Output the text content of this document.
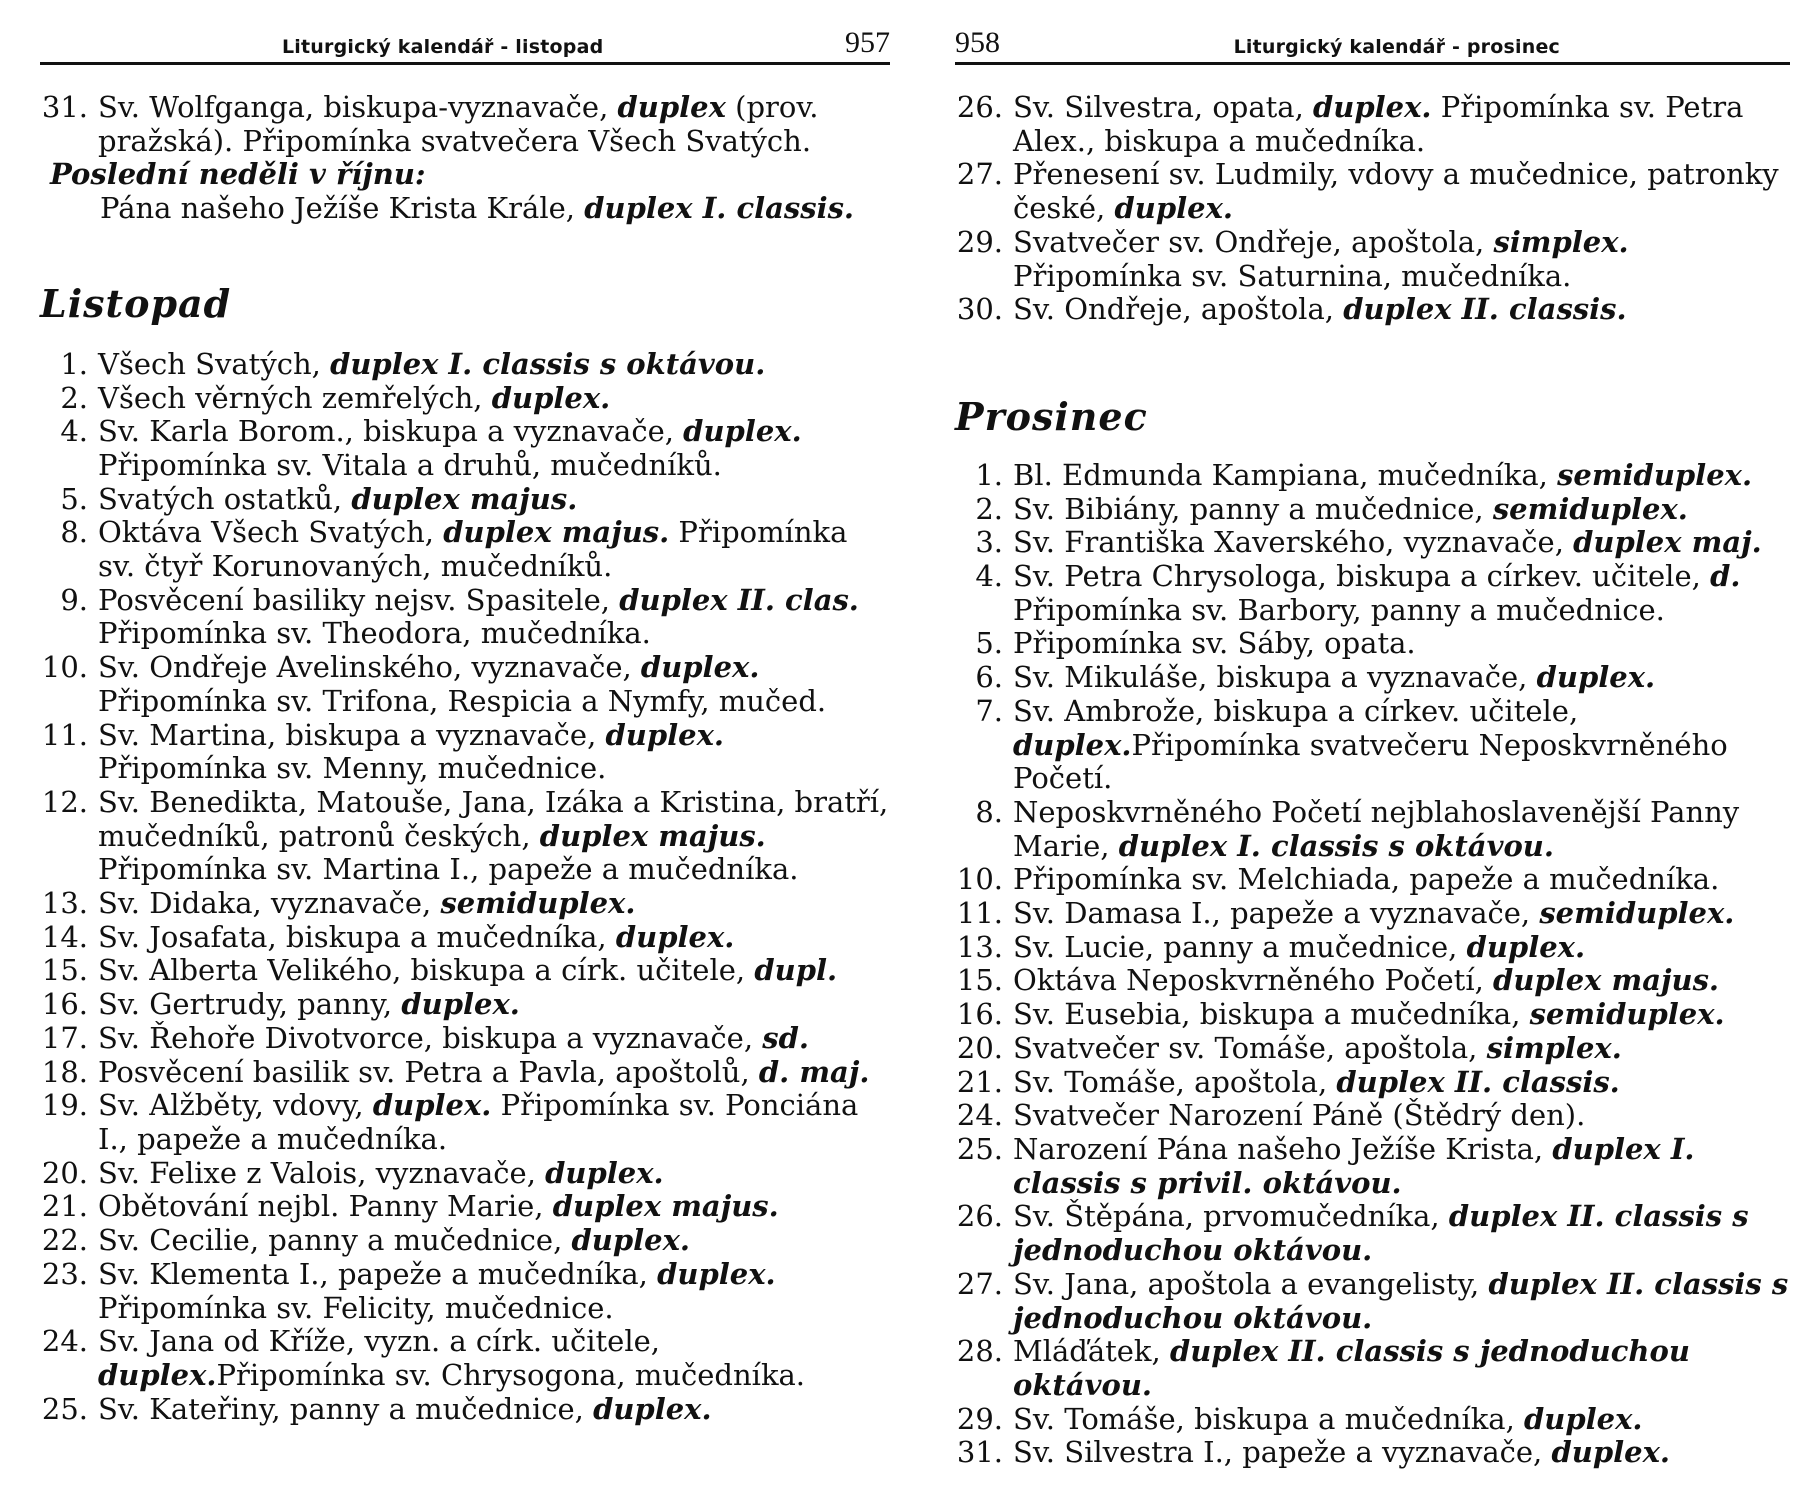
Liturgický kalendář - listopad	957
31. Sv. Wolfganga, biskupa-vyznavače, duplex (prov. pražská). Připomínka svatvečera Všech Svatých.
Poslední neděli v říjnu:
Pána našeho Ježíše Krista Krále, duplex I. classis.
Listopad
1. Všech Svatých, duplex I. classis s oktávou.
2. Všech věrných zemřelých, duplex.
4. Sv. Karla Borom., biskupa a vyznavače, duplex. Připomínka sv. Vitala a druhů, mučedníků.
5. Svatých ostatků, duplex majus.
8. Oktáva Všech Svatých, duplex majus. Připomínka sv. čtyř Korunovaných, mučedníků.
9. Posvěcení basiliky nejsv. Spasitele, duplex II. clas. Připomínka sv. Theodora, mučedníka.
10. Sv. Ondřeje Avelinského, vyznavače, duplex. Připomínka sv. Trifona, Respicia a Nymfy, mučed.
11. Sv. Martina, biskupa a vyznavače, duplex. Připomínka sv. Menny, mučednice.
12. Sv. Benedikta, Matouše, Jana, Izáka a Kristina, bratří, mučedníků, patronů českých, duplex majus. Připomínka sv. Martina I., papeže a mučedníka.
13. Sv. Didaka, vyznavače, semiduplex.
14. Sv. Josafata, biskupa a mučedníka, duplex.
15. Sv. Alberta Velikého, biskupa a círk. učitele, dupl.
16. Sv. Gertrudy, panny, duplex.
17. Sv. Řehoře Divotvorce, biskupa a vyznavače, sd.
18. Posvěcení basilik sv. Petra a Pavla, apoštolů, d. maj.
19. Sv. Alžběty, vdovy, duplex. Připomínka sv. Ponciána I., papeže a mučedníka.
20. Sv. Felixe z Valois, vyznavače, duplex.
21. Obětování nejbl. Panny Marie, duplex majus.
22. Sv. Cecilie, panny a mučednice, duplex.
23. Sv. Klementa I., papeže a mučedníka, duplex. Připomínka sv. Felicity, mučednice.
24. Sv. Jana od Kříže, vyzn. a círk. učitele, duplex.Připomínka sv. Chrysogona, mučedníka.
25. Sv. Kateřiny, panny a mučednice, duplex.
958	Liturgický kalendář - prosinec
26. Sv. Silvestra, opata, duplex. Připomínka sv. Petra Alex., biskupa a mučedníka.
27. Přenesení sv. Ludmily, vdovy a mučednice, patronky české, duplex.
29. Svatvečer sv. Ondřeje, apoštola, simplex. Připomínka sv. Saturnina, mučedníka.
30. Sv. Ondřeje, apoštola, duplex II. classis.
Prosinec
1. Bl. Edmunda Kampiana, mučedníka, semiduplex.
2. Sv. Bibiány, panny a mučednice, semiduplex.
3. Sv. Františka Xaverského, vyznavače, duplex maj.
4. Sv. Petra Chrysologa, biskupa a církev. učitele, d. Připomínka sv. Barbory, panny a mučednice.
5. Připomínka sv. Sáby, opata.
6. Sv. Mikuláše, biskupa a vyznavače, duplex.
7. Sv. Ambrože, biskupa a církev. učitele, duplex.Připomínka svatvečeru Neposkvrněného Početí.
8. Neposkvrněného Početí nejblahoslavenější Panny Marie, duplex I. classis s oktávou.
10. Připomínka sv. Melchiada, papeže a mučedníka.
11. Sv. Damasa I., papeže a vyznavače, semiduplex.
13. Sv. Lucie, panny a mučednice, duplex.
15. Oktáva Neposkvrněného Početí, duplex majus.
16. Sv. Eusebia, biskupa a mučedníka, semiduplex.
20. Svatvečer sv. Tomáše, apoštola, simplex.
21. Sv. Tomáše, apoštola, duplex II. classis.
24. Svatvečer Narození Páně (Štědrý den).
25. Narození Pána našeho Ježíše Krista, duplex I. classis s privil. oktávou.
26. Sv. Štěpána, prvomučedníka, duplex II. classis s jednoduchou oktávou.
27. Sv. Jana, apoštola a evangelisty, duplex II. classis s jednoduchou oktávou.
28. Mláďátek, duplex II. classis s jednoduchou oktávou.
29. Sv. Tomáše, biskupa a mučedníka, duplex.
31. Sv. Silvestra I., papeže a vyznavače, duplex.
